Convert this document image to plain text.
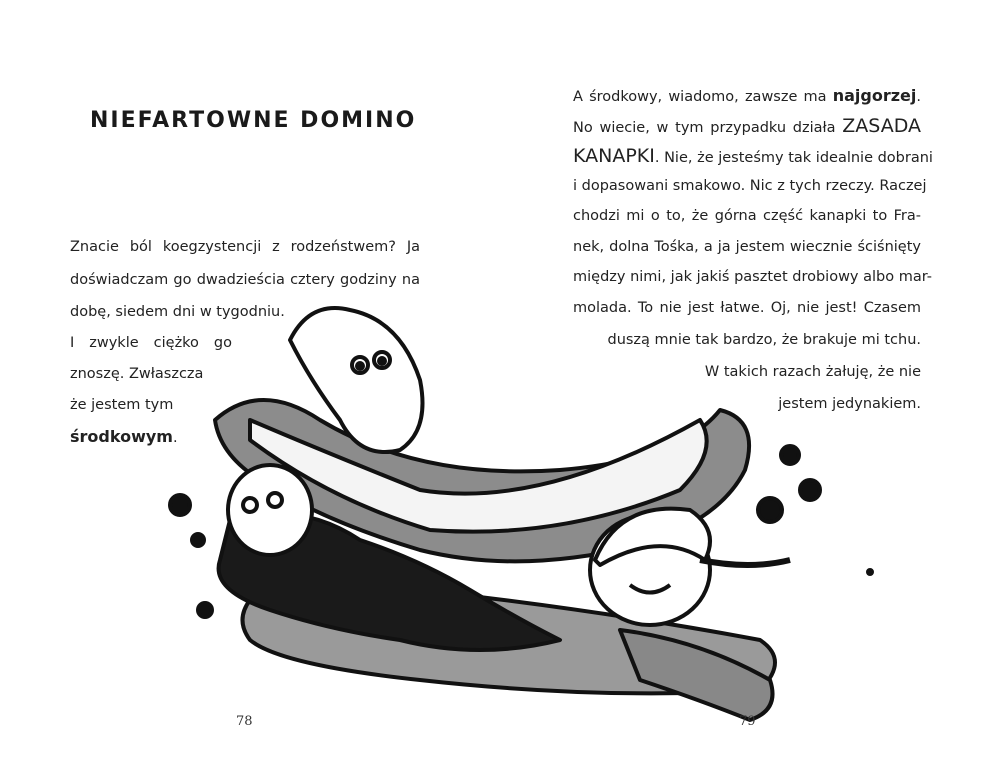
NIEFARTOWNE DOMINO
Znacie ból koegzystencji z rodzeństwem? Ja
doświadczam go dwadzieścia cztery godziny na
dobę, siedem dni w tygodniu.
I zwykle ciężko go
znoszę. Zwłaszcza
że jestem tym
środkowym.
A środkowy, wiadomo, zawsze ma najgorzej.
No wiecie, w tym przypadku działa ZASADA
KANAPKI. Nie, że jesteśmy tak idealnie dobrani
i dopasowani smakowo. Nic z tych rzeczy. Raczej
chodzi mi o to, że górna część kanapki to Fra-
nek, dolna Tośka, a ja jestem wiecznie ściśnięty
między nimi, jak jakiś pasztet drobiowy albo mar-
molada. To nie jest łatwe. Oj, nie jest! Czasem
duszą mnie tak bardzo, że brakuje mi tchu.
W takich razach żałuję, że nie
jestem jedynakiem.
78	79
